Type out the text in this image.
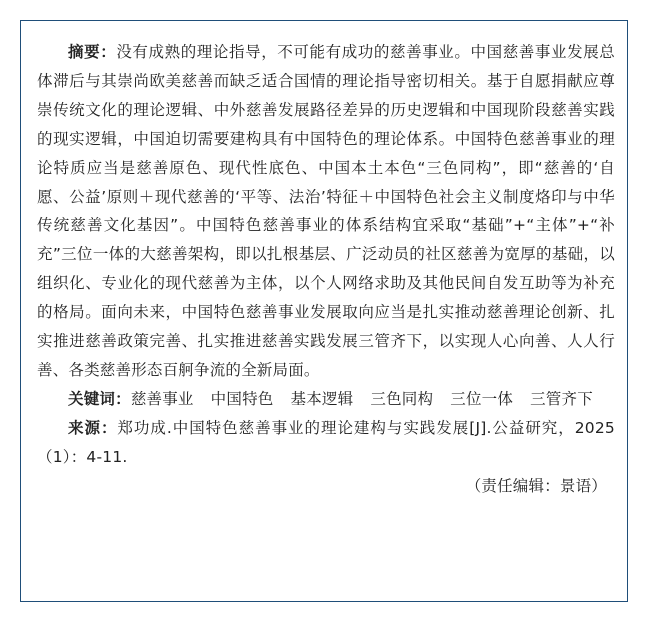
摘要：没有成熟的理论指导，不可能有成功的慈善事业。中国慈善事业发展总体滞后与其崇尚欧美慈善而缺乏适合国情的理论指导密切相关。基于自愿捐献应尊崇传统文化的理论逻辑、中外慈善发展路径差异的历史逻辑和中国现阶段慈善实践的现实逻辑，中国迫切需要建构具有中国特色的理论体系。中国特色慈善事业的理论特质应当是慈善原色、现代性底色、中国本土本色“三色同构”，即“慈善的‘自愿、公益’原则＋现代慈善的‘平等、法治’特征＋中国特色社会主义制度烙印与中华传统慈善文化基因”。中国特色慈善事业的体系结构宜采取“基础”+“主体”+“补充”三位一体的大慈善架构，即以扎根基层、广泛动员的社区慈善为宽厚的基础，以组织化、专业化的现代慈善为主体，以个人网络求助及其他民间自发互助等为补充的格局。面向未来，中国特色慈善事业发展取向应当是扎实推动慈善理论创新、扎实推进慈善政策完善、扎实推进慈善实践发展三管齐下，以实现人心向善、人人行善、各类慈善形态百舸争流的全新局面。

关键词：慈善事业 中国特色 基本逻辑 三色同构 三位一体 三管齐下

来源：郑功成.中国特色慈善事业的理论建构与实践发展[J].公益研究，2025（1）：4-11.

（责任编辑：景语）
